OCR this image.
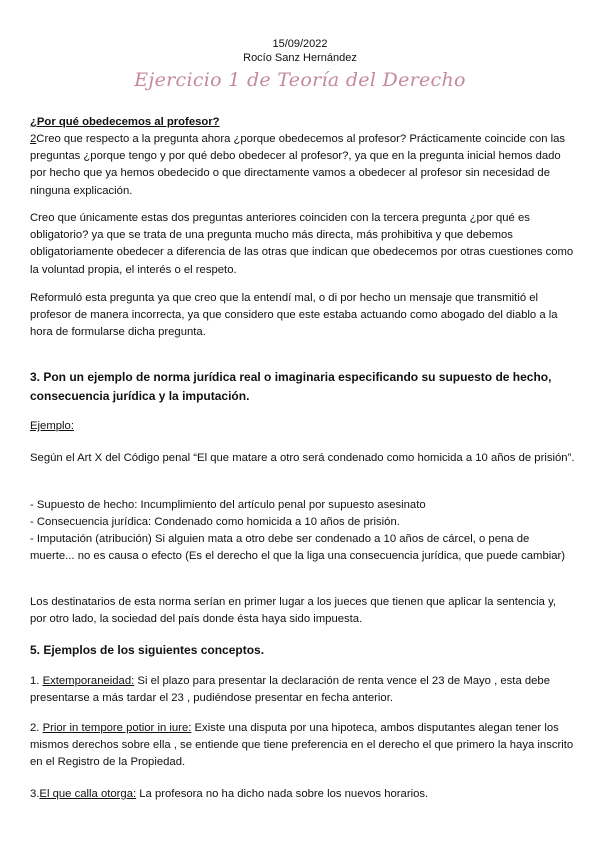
15/09/2022
Rocío Sanz Hernández
Ejercicio 1 de Teoría del Derecho
¿Por qué obedecemos al profesor?

2Creo que respecto a la pregunta ahora ¿porque obedecemos al profesor? Prácticamente coincide con las preguntas ¿porque tengo y por qué debo obedecer al profesor?, ya que en la pregunta inicial hemos dado por hecho que ya hemos obedecido o que directamente vamos a obedecer al profesor sin necesidad de ninguna explicación.

Creo que únicamente estas dos preguntas anteriores coinciden con la tercera pregunta ¿por qué es obligatorio? ya que se trata de una pregunta mucho más directa, más prohibitiva y que debemos obligatoriamente obedecer a diferencia de las otras que indican que obedecemos por otras cuestiones como la voluntad propia, el interés o el respeto.

Reformuló esta pregunta ya que creo que la entendí mal, o di por hecho un mensaje que transmitió el profesor de manera incorrecta, ya que considero que este estaba actuando como abogado del diablo a la hora de formularse dicha pregunta.

3. Pon un ejemplo de norma jurídica real o imaginaria especificando su supuesto de hecho, consecuencia jurídica y la imputación.
Ejemplo:

Según el Art X del Código penal “El que matare a otro será condenado como homicida a 10 años de prisión”.

- Supuesto de hecho: Incumplimiento del artículo penal por supuesto asesinato

- Consecuencia jurídica: Condenado como homicida a 10 años de prisión.

- Imputación (atribución) Si alguien mata a otro debe ser condenado a 10 años de cárcel, o pena de muerte... no es causa o efecto (Es el derecho el que la liga una consecuencia jurídica, que puede cambiar)

Los destinatarios de esta norma serían en primer lugar a los jueces que tienen que aplicar la sentencia y, por otro lado, la sociedad del país donde ésta haya sido impuesta.

5. Ejemplos de los siguientes conceptos.

1. Extemporaneidad: Si el plazo para presentar la declaración de renta vence el 23 de Mayo , esta debe presentarse a más tardar el 23 , pudiéndose presentar en fecha anterior.

2. Prior in tempore potior in iure: Existe una disputa por una hipoteca, ambos disputantes alegan tener los mismos derechos sobre ella , se entiende que tiene preferencia en el derecho el que primero la haya inscrito en el Registro de la Propiedad.

3.El que calla otorga: La profesora no ha dicho nada sobre los nuevos horarios.
